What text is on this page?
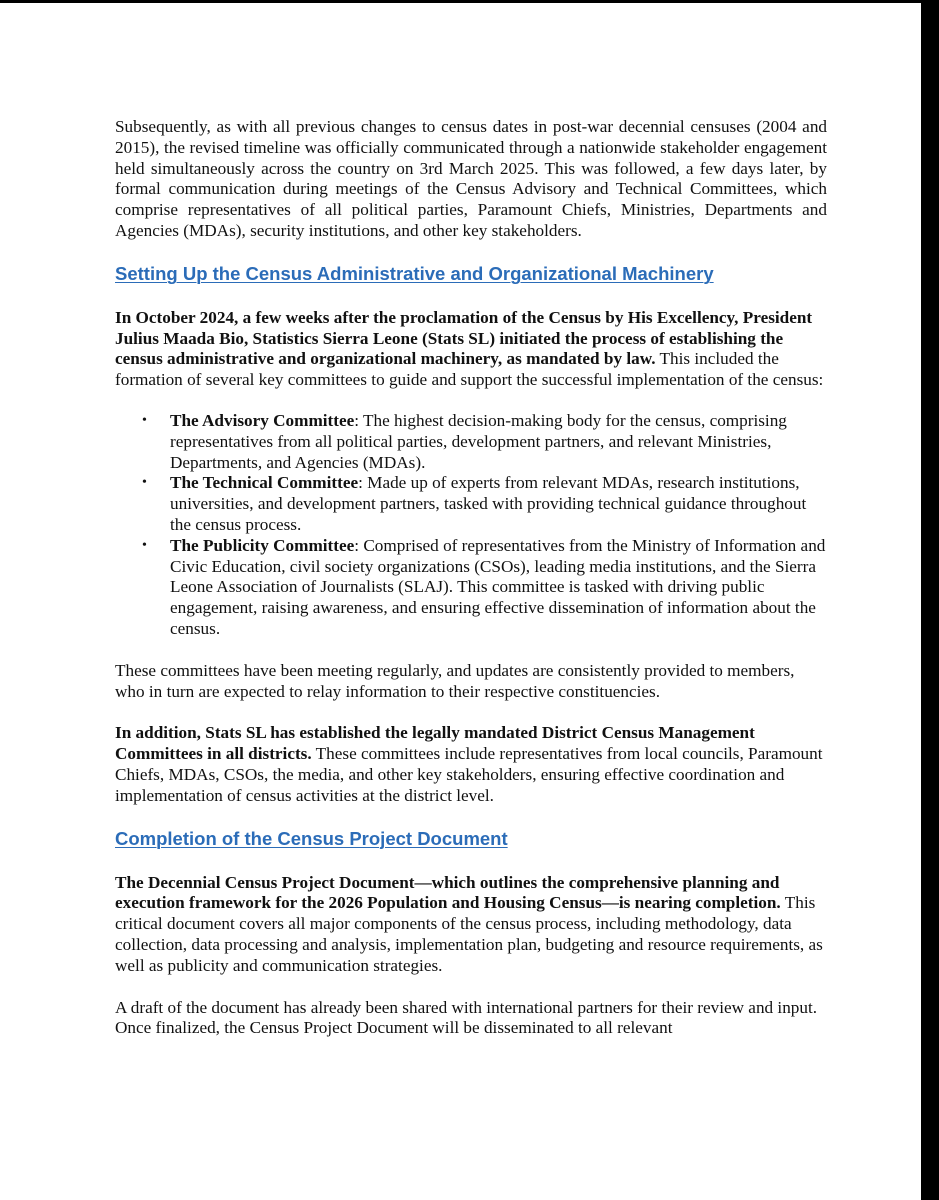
Subsequently, as with all previous changes to census dates in post-war decennial censuses (2004 and 2015), the revised timeline was officially communicated through a nationwide stakeholder engagement held simultaneously across the country on 3rd March 2025. This was followed, a few days later, by formal communication during meetings of the Census Advisory and Technical Committees, which comprise representatives of all political parties, Paramount Chiefs, Ministries, Departments and Agencies (MDAs), security institutions, and other key stakeholders.

Setting Up the Census Administrative and Organizational Machinery

In October 2024, a few weeks after the proclamation of the Census by His Excellency, President Julius Maada Bio, Statistics Sierra Leone (Stats SL) initiated the process of establishing the census administrative and organizational machinery, as mandated by law. This included the formation of several key committees to guide and support the successful implementation of the census:

• The Advisory Committee: The highest decision-making body for the census, comprising representatives from all political parties, development partners, and relevant Ministries, Departments, and Agencies (MDAs).
• The Technical Committee: Made up of experts from relevant MDAs, research institutions, universities, and development partners, tasked with providing technical guidance throughout the census process.
• The Publicity Committee: Comprised of representatives from the Ministry of Information and Civic Education, civil society organizations (CSOs), leading media institutions, and the Sierra Leone Association of Journalists (SLAJ). This committee is tasked with driving public engagement, raising awareness, and ensuring effective dissemination of information about the census.

These committees have been meeting regularly, and updates are consistently provided to members, who in turn are expected to relay information to their respective constituencies.

In addition, Stats SL has established the legally mandated District Census Management Committees in all districts. These committees include representatives from local councils, Paramount Chiefs, MDAs, CSOs, the media, and other key stakeholders, ensuring effective coordination and implementation of census activities at the district level.

Completion of the Census Project Document

The Decennial Census Project Document—which outlines the comprehensive planning and execution framework for the 2026 Population and Housing Census—is nearing completion. This critical document covers all major components of the census process, including methodology, data collection, data processing and analysis, implementation plan, budgeting and resource requirements, as well as publicity and communication strategies.

A draft of the document has already been shared with international partners for their review and input. Once finalized, the Census Project Document will be disseminated to all relevant
